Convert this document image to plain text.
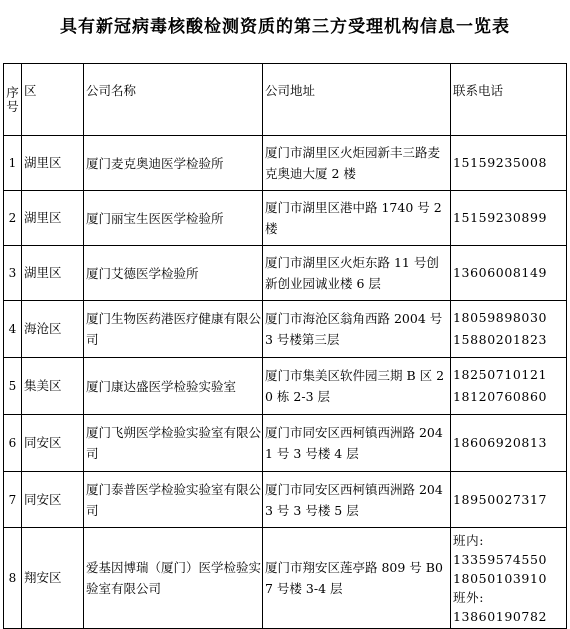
具有新冠病毒核酸检测资质的第三方受理机构信息一览表
序号	区	公司名称	公司地址	联系电话
1	湖里区	厦门麦克奥迪医学检验所	厦门市湖里区火炬园新丰三路麦克奥迪大厦 2 楼	15159235008

2	湖里区	厦门丽宝生医医学检验所	厦门市湖里区港中路 1740 号 2 楼	15159230899

3	湖里区	厦门艾德医学检验所	厦门市湖里区火炬东路 11 号创新创业园诚业楼 6 层	13606008149

4	海沧区	厦门生物医药港医疗健康有限公司	厦门市海沧区翁角西路 2004 号 3 号楼第三层	18059898030
15880201823

5	集美区	厦门康达盛医学检验实验室	厦门市集美区软件园三期 B 区 20 栋 2-3 层	18250710121
18120760860

6	同安区	厦门飞朔医学检验实验室有限公司	厦门市同安区西柯镇西洲路 2041 号 3 号楼 4 层	18606920813

7	同安区	厦门泰普医学检验实验室有限公司	厦门市同安区西柯镇西洲路 2043 号 3 号楼 5 层	18950027317

8	翔安区	爱基因博瑞（厦门）医学检验实验室有限公司	厦门市翔安区莲亭路 809 号 B07 号楼 3-4 层	班内:
13359574550
18050103910
班外:
13860190782
